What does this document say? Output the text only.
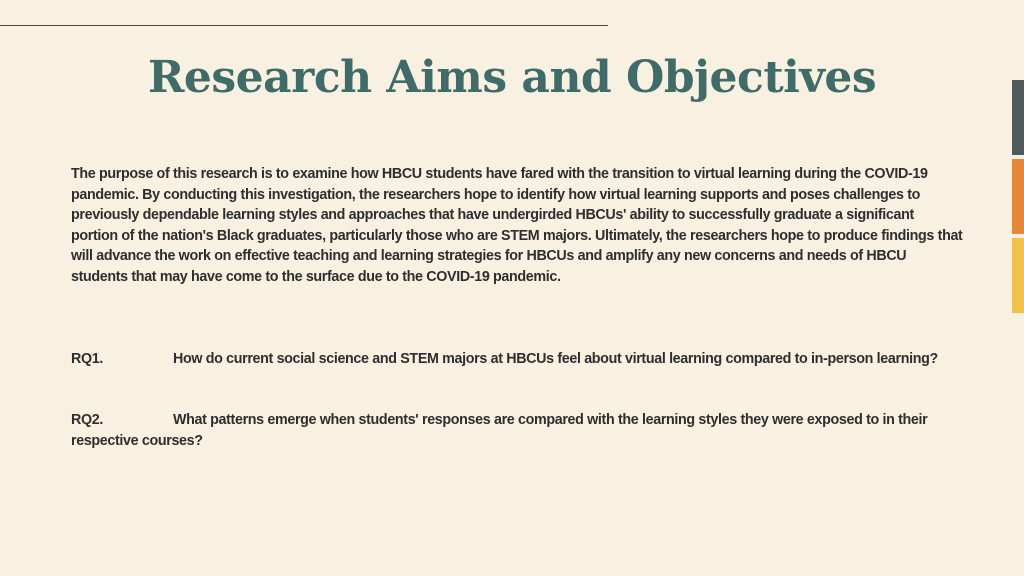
Research Aims and Objectives

The purpose of this research is to examine how HBCU students have fared with the transition to virtual learning during the COVID-19 pandemic. By conducting this investigation, the researchers hope to identify how virtual learning supports and poses challenges to previously dependable learning styles and approaches that have undergirded HBCUs' ability to successfully graduate a significant portion of the nation's Black graduates, particularly those who are STEM majors. Ultimately, the researchers hope to produce findings that will advance the work on effective teaching and learning strategies for HBCUs and amplify any new concerns and needs of HBCU students that may have come to the surface due to the COVID-19 pandemic.

RQ1.	How do current social science and STEM majors at HBCUs feel about virtual learning compared to in-person learning?

RQ2.	What patterns emerge when students' responses are compared with the learning styles they were exposed to in their respective courses?
